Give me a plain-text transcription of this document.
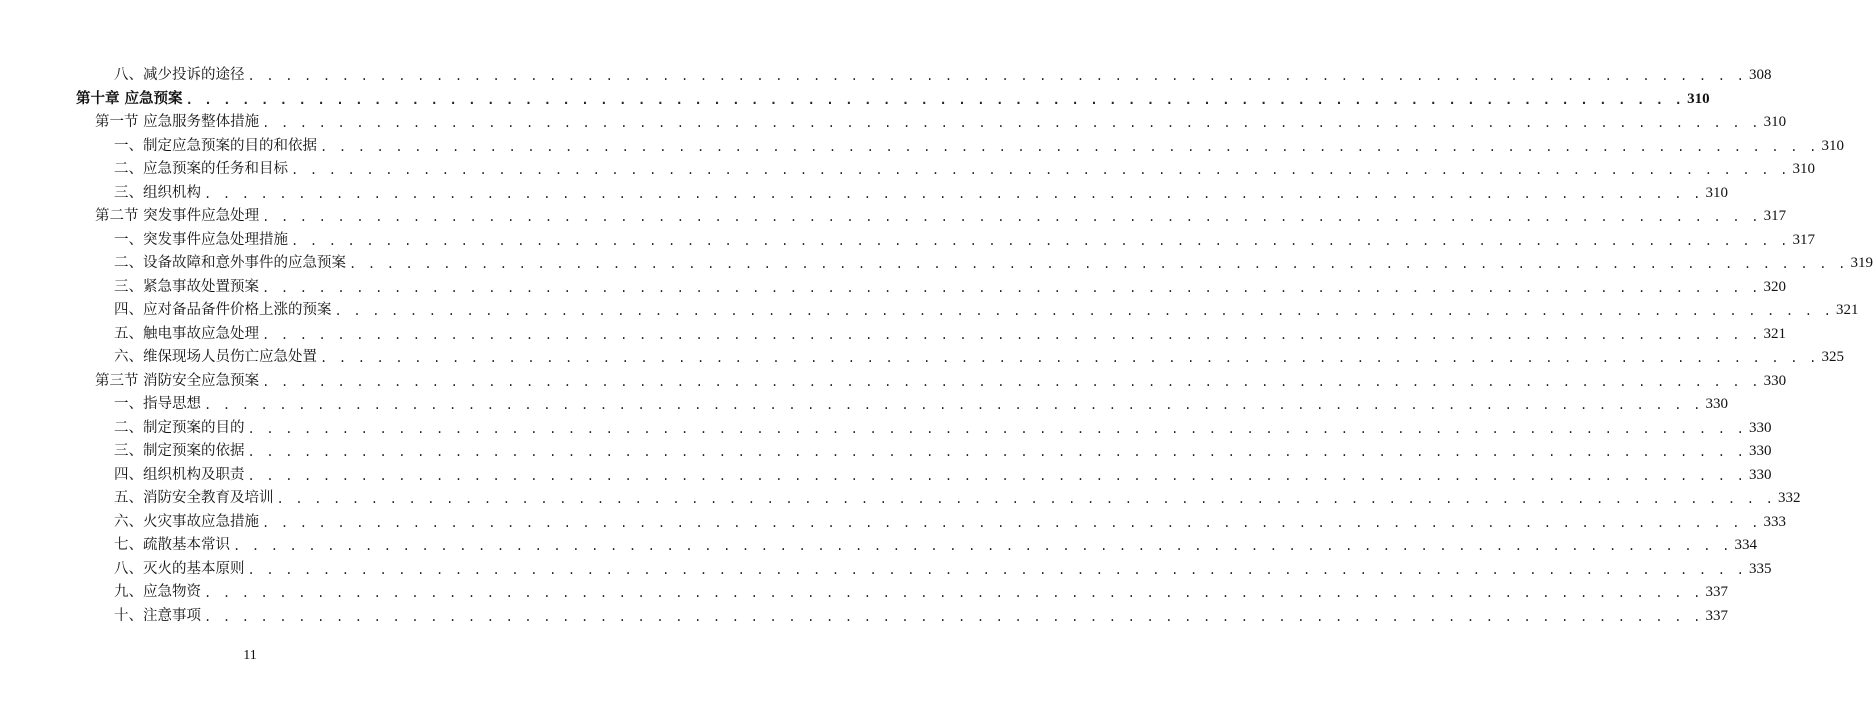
八、减少投诉的途径 . . . . . . . . . . . . . . . . . . . . . . . . . . . . . . . . . . . . . . . . . . . . . . . . . . . . . . . . . . . . . . . . . . . . . . . . . . . . . . . . 308
第十章 应急预案 . . . . . . . . . . . . . . . . . . . . . . . . . . . . . . . . . . . . . . . . . . . . . . . . . . . . . . . . . . . . . . . . . . . . . . . . . . . . . . . . 310
第一节 应急服务整体措施 . . . . . . . . . . . . . . . . . . . . . . . . . . . . . . . . . . . . . . . . . . . . . . . . . . . . . . . . . . . . . . . . . . . . . . . . . . . . . . . . 310
一、制定应急预案的目的和依据 . . . . . . . . . . . . . . . . . . . . . . . . . . . . . . . . . . . . . . . . . . . . . . . . . . . . . . . . . . . . . . . . . . . . . . . . . . . . . . . . 310
二、应急预案的任务和目标 . . . . . . . . . . . . . . . . . . . . . . . . . . . . . . . . . . . . . . . . . . . . . . . . . . . . . . . . . . . . . . . . . . . . . . . . . . . . . . . . 310
三、组织机构 . . . . . . . . . . . . . . . . . . . . . . . . . . . . . . . . . . . . . . . . . . . . . . . . . . . . . . . . . . . . . . . . . . . . . . . . . . . . . . . . 310
第二节 突发事件应急处理 . . . . . . . . . . . . . . . . . . . . . . . . . . . . . . . . . . . . . . . . . . . . . . . . . . . . . . . . . . . . . . . . . . . . . . . . . . . . . . . . 317
一、突发事件应急处理措施 . . . . . . . . . . . . . . . . . . . . . . . . . . . . . . . . . . . . . . . . . . . . . . . . . . . . . . . . . . . . . . . . . . . . . . . . . . . . . . . . 317
二、设备故障和意外事件的应急预案 . . . . . . . . . . . . . . . . . . . . . . . . . . . . . . . . . . . . . . . . . . . . . . . . . . . . . . . . . . . . . . . . . . . . . . . . . . . . . . . . 319
三、紧急事故处置预案 . . . . . . . . . . . . . . . . . . . . . . . . . . . . . . . . . . . . . . . . . . . . . . . . . . . . . . . . . . . . . . . . . . . . . . . . . . . . . . . . 320
四、应对备品备件价格上涨的预案 . . . . . . . . . . . . . . . . . . . . . . . . . . . . . . . . . . . . . . . . . . . . . . . . . . . . . . . . . . . . . . . . . . . . . . . . . . . . . . . . 321
五、触电事故应急处理 . . . . . . . . . . . . . . . . . . . . . . . . . . . . . . . . . . . . . . . . . . . . . . . . . . . . . . . . . . . . . . . . . . . . . . . . . . . . . . . . 321
六、维保现场人员伤亡应急处置 . . . . . . . . . . . . . . . . . . . . . . . . . . . . . . . . . . . . . . . . . . . . . . . . . . . . . . . . . . . . . . . . . . . . . . . . . . . . . . . . 325
第三节 消防安全应急预案 . . . . . . . . . . . . . . . . . . . . . . . . . . . . . . . . . . . . . . . . . . . . . . . . . . . . . . . . . . . . . . . . . . . . . . . . . . . . . . . . 330
一、指导思想 . . . . . . . . . . . . . . . . . . . . . . . . . . . . . . . . . . . . . . . . . . . . . . . . . . . . . . . . . . . . . . . . . . . . . . . . . . . . . . . . 330
二、制定预案的目的 . . . . . . . . . . . . . . . . . . . . . . . . . . . . . . . . . . . . . . . . . . . . . . . . . . . . . . . . . . . . . . . . . . . . . . . . . . . . . . . . 330
三、制定预案的依据 . . . . . . . . . . . . . . . . . . . . . . . . . . . . . . . . . . . . . . . . . . . . . . . . . . . . . . . . . . . . . . . . . . . . . . . . . . . . . . . . 330
四、组织机构及职责 . . . . . . . . . . . . . . . . . . . . . . . . . . . . . . . . . . . . . . . . . . . . . . . . . . . . . . . . . . . . . . . . . . . . . . . . . . . . . . . . 330
五、消防安全教育及培训 . . . . . . . . . . . . . . . . . . . . . . . . . . . . . . . . . . . . . . . . . . . . . . . . . . . . . . . . . . . . . . . . . . . . . . . . . . . . . . . . 332
六、火灾事故应急措施 . . . . . . . . . . . . . . . . . . . . . . . . . . . . . . . . . . . . . . . . . . . . . . . . . . . . . . . . . . . . . . . . . . . . . . . . . . . . . . . . 333
七、疏散基本常识 . . . . . . . . . . . . . . . . . . . . . . . . . . . . . . . . . . . . . . . . . . . . . . . . . . . . . . . . . . . . . . . . . . . . . . . . . . . . . . . . 334
八、灭火的基本原则 . . . . . . . . . . . . . . . . . . . . . . . . . . . . . . . . . . . . . . . . . . . . . . . . . . . . . . . . . . . . . . . . . . . . . . . . . . . . . . . . 335
九、应急物资 . . . . . . . . . . . . . . . . . . . . . . . . . . . . . . . . . . . . . . . . . . . . . . . . . . . . . . . . . . . . . . . . . . . . . . . . . . . . . . . . 337
十、注意事项 . . . . . . . . . . . . . . . . . . . . . . . . . . . . . . . . . . . . . . . . . . . . . . . . . . . . . . . . . . . . . . . . . . . . . . . . . . . . . . . . 337
11
